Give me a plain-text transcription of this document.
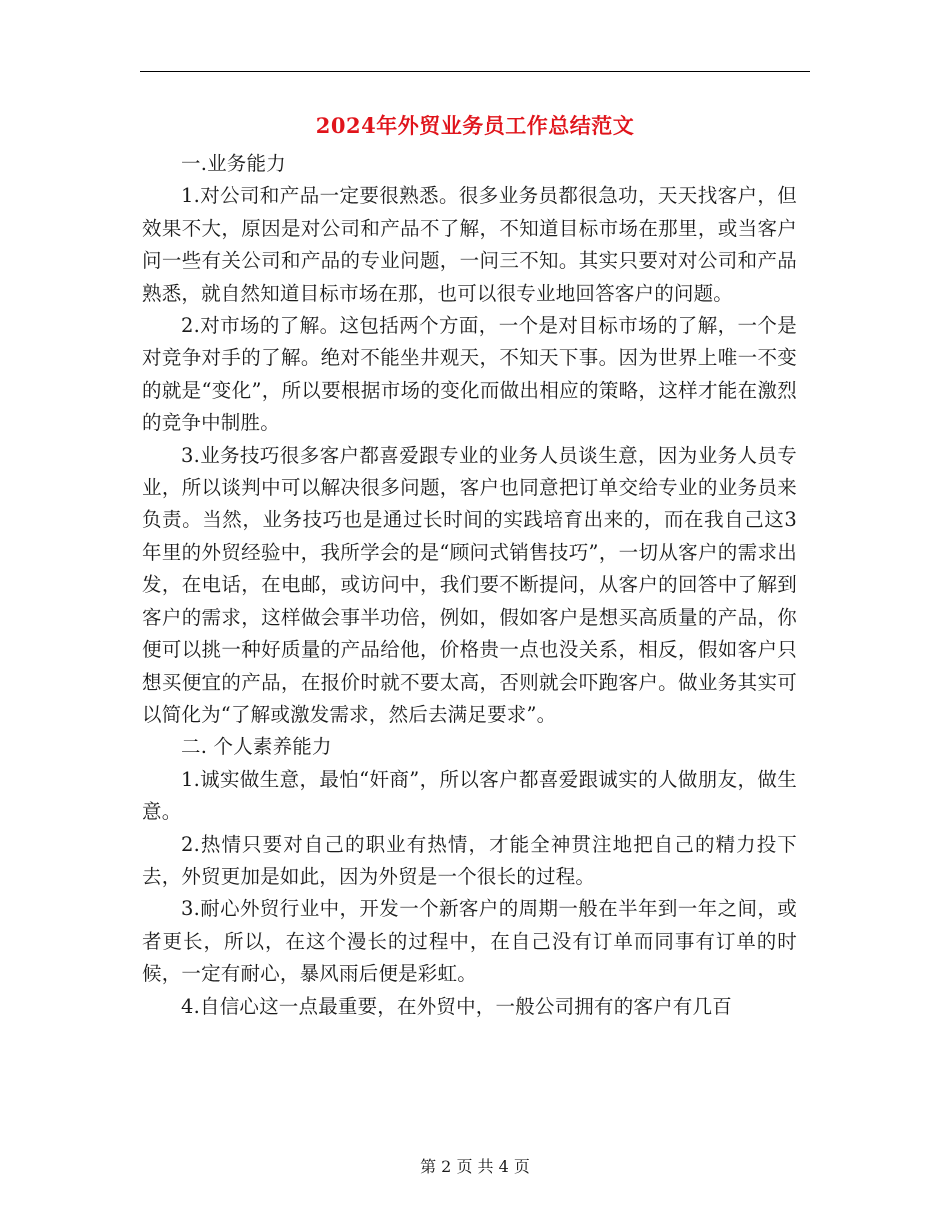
2024年外贸业务员工作总结范文

一.业务能力

1.对公司和产品一定要很熟悉。很多业务员都很急功，天天找客户，但效果不大，原因是对公司和产品不了解，不知道目标市场在那里，或当客户问一些有关公司和产品的专业问题，一问三不知。其实只要对对公司和产品熟悉，就自然知道目标市场在那，也可以很专业地回答客户的问题。

2.对市场的了解。这包括两个方面，一个是对目标市场的了解，一个是对竞争对手的了解。绝对不能坐井观天，不知天下事。因为世界上唯一不变的就是“变化”，所以要根据市场的变化而做出相应的策略，这样才能在激烈的竞争中制胜。

3.业务技巧很多客户都喜爱跟专业的业务人员谈生意，因为业务人员专业，所以谈判中可以解决很多问题，客户也同意把订单交给专业的业务员来负责。当然，业务技巧也是通过长时间的实践培育出来的，而在我自己这3年里的外贸经验中，我所学会的是“顾问式销售技巧”，一切从客户的需求出发，在电话，在电邮，或访问中，我们要不断提问，从客户的回答中了解到客户的需求，这样做会事半功倍，例如，假如客户是想买高质量的产品，你便可以挑一种好质量的产品给他，价格贵一点也没关系，相反，假如客户只想买便宜的产品，在报价时就不要太高，否则就会吓跑客户。做业务其实可以简化为“了解或激发需求，然后去满足要求”。

二. 个人素养能力

1.诚实做生意，最怕“奸商”，所以客户都喜爱跟诚实的人做朋友，做生意。

2.热情只要对自己的职业有热情，才能全神贯注地把自己的精力投下去，外贸更加是如此，因为外贸是一个很长的过程。

3.耐心外贸行业中，开发一个新客户的周期一般在半年到一年之间，或者更长，所以，在这个漫长的过程中，在自己没有订单而同事有订单的时候，一定有耐心，暴风雨后便是彩虹。

4.自信心这一点最重要，在外贸中，一般公司拥有的客户有几百

第 2 页 共 4 页
